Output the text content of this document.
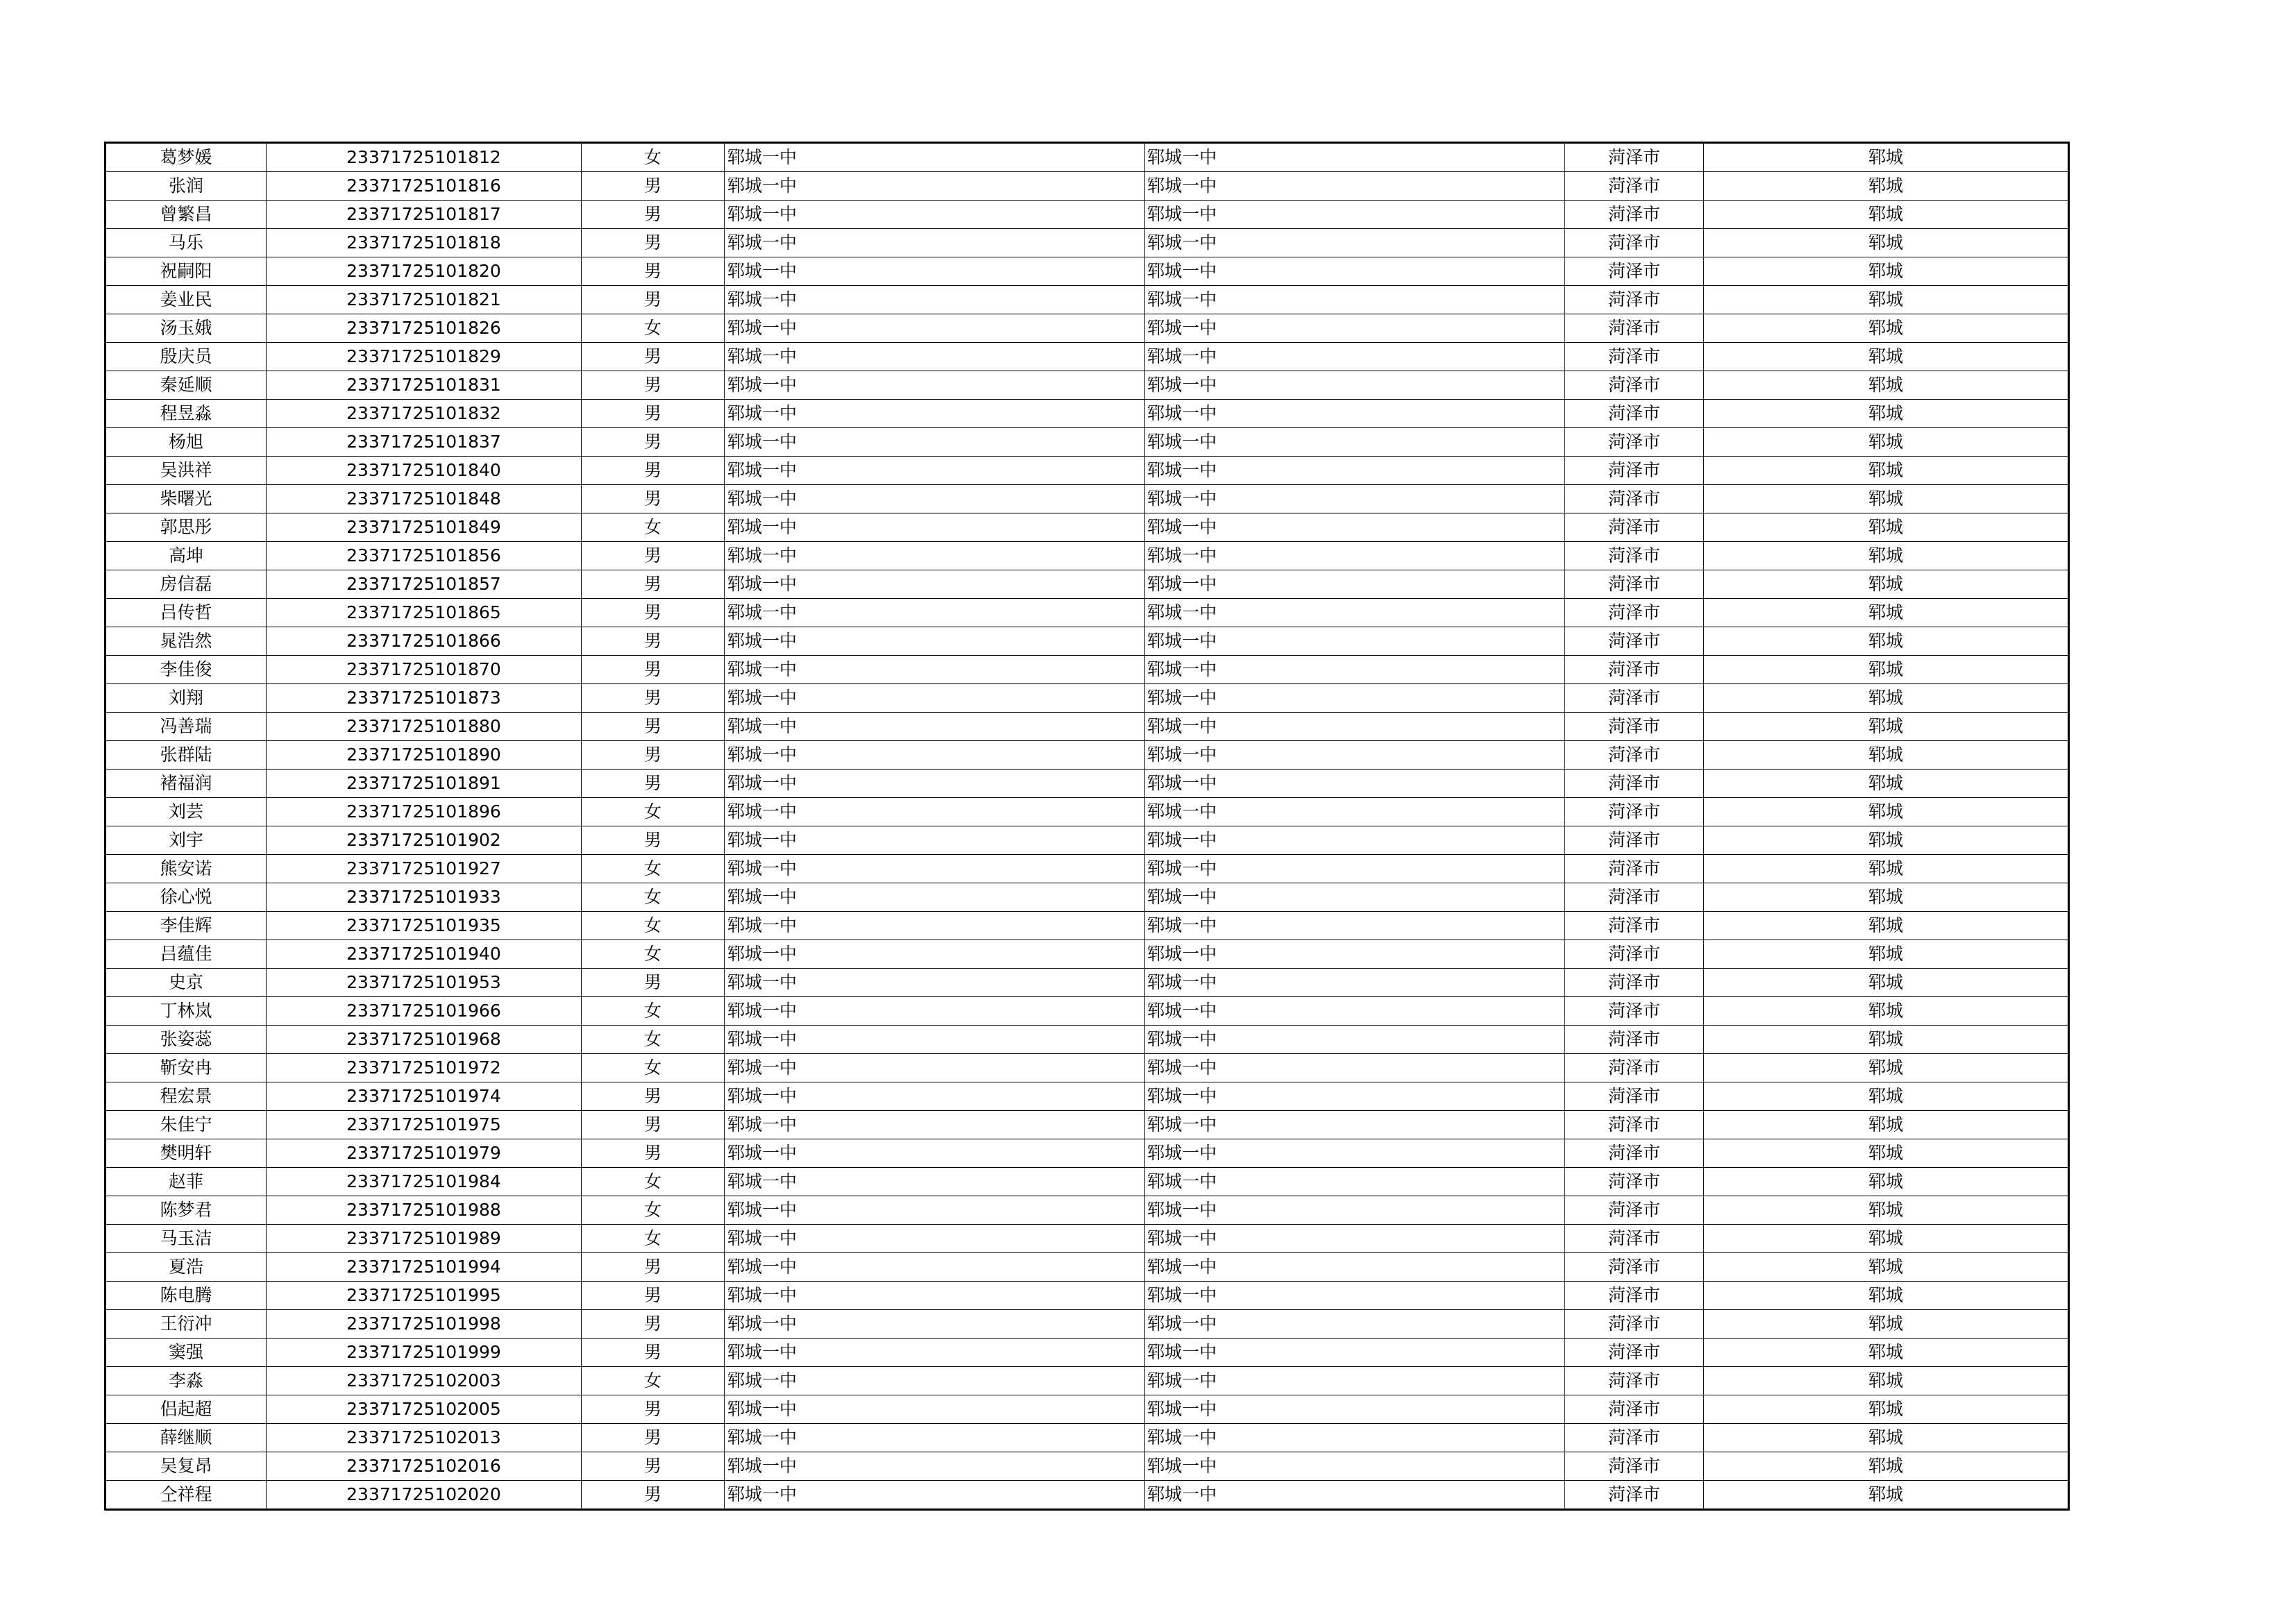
葛梦媛	23371725101812	女	郓城一中	郓城一中	菏泽市	郓城
张润	23371725101816	男	郓城一中	郓城一中	菏泽市	郓城
曾繁昌	23371725101817	男	郓城一中	郓城一中	菏泽市	郓城
马乐	23371725101818	男	郓城一中	郓城一中	菏泽市	郓城
祝嗣阳	23371725101820	男	郓城一中	郓城一中	菏泽市	郓城
姜业民	23371725101821	男	郓城一中	郓城一中	菏泽市	郓城
汤玉娥	23371725101826	女	郓城一中	郓城一中	菏泽市	郓城
殷庆员	23371725101829	男	郓城一中	郓城一中	菏泽市	郓城
秦延顺	23371725101831	男	郓城一中	郓城一中	菏泽市	郓城
程昱淼	23371725101832	男	郓城一中	郓城一中	菏泽市	郓城
杨旭	23371725101837	男	郓城一中	郓城一中	菏泽市	郓城
吴洪祥	23371725101840	男	郓城一中	郓城一中	菏泽市	郓城
柴曙光	23371725101848	男	郓城一中	郓城一中	菏泽市	郓城
郭思彤	23371725101849	女	郓城一中	郓城一中	菏泽市	郓城
高坤	23371725101856	男	郓城一中	郓城一中	菏泽市	郓城
房信磊	23371725101857	男	郓城一中	郓城一中	菏泽市	郓城
吕传哲	23371725101865	男	郓城一中	郓城一中	菏泽市	郓城
晁浩然	23371725101866	男	郓城一中	郓城一中	菏泽市	郓城
李佳俊	23371725101870	男	郓城一中	郓城一中	菏泽市	郓城
刘翔	23371725101873	男	郓城一中	郓城一中	菏泽市	郓城
冯善瑞	23371725101880	男	郓城一中	郓城一中	菏泽市	郓城
张群陆	23371725101890	男	郓城一中	郓城一中	菏泽市	郓城
褚福润	23371725101891	男	郓城一中	郓城一中	菏泽市	郓城
刘芸	23371725101896	女	郓城一中	郓城一中	菏泽市	郓城
刘宇	23371725101902	男	郓城一中	郓城一中	菏泽市	郓城
熊安诺	23371725101927	女	郓城一中	郓城一中	菏泽市	郓城
徐心悦	23371725101933	女	郓城一中	郓城一中	菏泽市	郓城
李佳辉	23371725101935	女	郓城一中	郓城一中	菏泽市	郓城
吕蕴佳	23371725101940	女	郓城一中	郓城一中	菏泽市	郓城
史京	23371725101953	男	郓城一中	郓城一中	菏泽市	郓城
丁林岚	23371725101966	女	郓城一中	郓城一中	菏泽市	郓城
张姿蕊	23371725101968	女	郓城一中	郓城一中	菏泽市	郓城
靳安冉	23371725101972	女	郓城一中	郓城一中	菏泽市	郓城
程宏景	23371725101974	男	郓城一中	郓城一中	菏泽市	郓城
朱佳宁	23371725101975	男	郓城一中	郓城一中	菏泽市	郓城
樊明轩	23371725101979	男	郓城一中	郓城一中	菏泽市	郓城
赵菲	23371725101984	女	郓城一中	郓城一中	菏泽市	郓城
陈梦君	23371725101988	女	郓城一中	郓城一中	菏泽市	郓城
马玉洁	23371725101989	女	郓城一中	郓城一中	菏泽市	郓城
夏浩	23371725101994	男	郓城一中	郓城一中	菏泽市	郓城
陈电腾	23371725101995	男	郓城一中	郓城一中	菏泽市	郓城
王衍冲	23371725101998	男	郓城一中	郓城一中	菏泽市	郓城
窦强	23371725101999	男	郓城一中	郓城一中	菏泽市	郓城
李淼	23371725102003	女	郓城一中	郓城一中	菏泽市	郓城
侣起超	23371725102005	男	郓城一中	郓城一中	菏泽市	郓城
薛继顺	23371725102013	男	郓城一中	郓城一中	菏泽市	郓城
吴复昂	23371725102016	男	郓城一中	郓城一中	菏泽市	郓城
仝祥程	23371725102020	男	郓城一中	郓城一中	菏泽市	郓城
